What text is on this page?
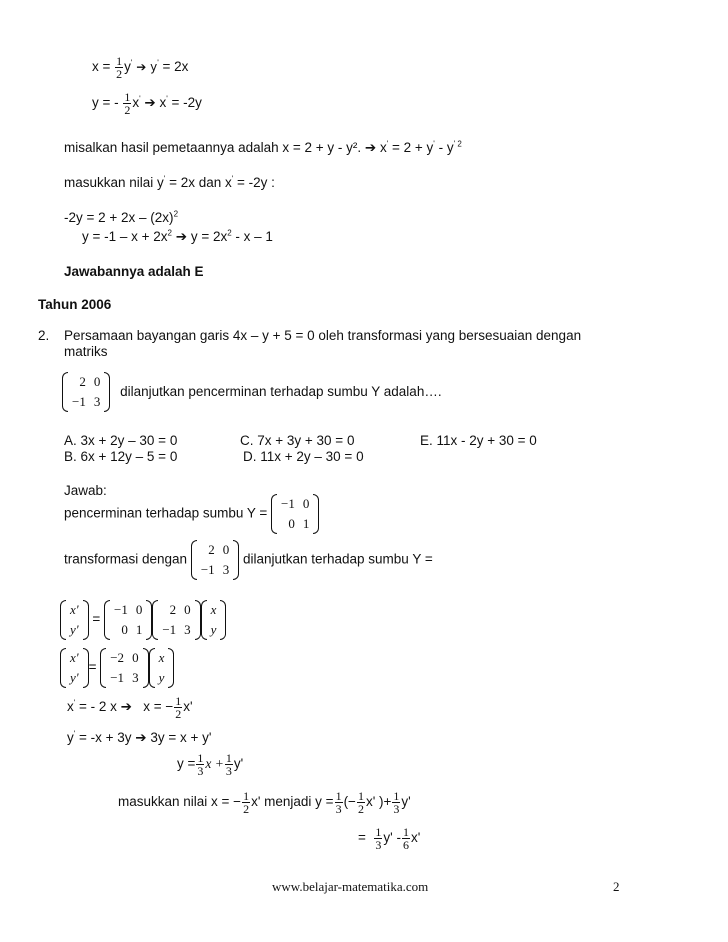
$x = \frac{1}{2} y'$ ➔ y' = 2x
y = - $\frac{1}{2} x'$ ➔ x' = -2y
misalkan hasil pemetaannya adalah x = 2 + y - y². ➔ x' = 2 + y' - y' $^2$
masukkan nilai y' = 2x dan x' = -2y :
$-2y = 2 + 2x - (2x)^2$
$y = -1 - x + 2x^2$ ➔ $y = 2x^2 - x - 1$
Jawabannya adalah E
Tahun 2006
2. Persamaan bayangan garis 4x – y + 5 = 0 oleh transformasi yang bersesuaian dengan
matriks
2	0
−1	3
dilanjutkan pencerminan terhadap sumbu Y adalah….
A. 3x + 2y – 30 = 0
B. 6x + 12y – 5 = 0
C. 7x + 3y + 30 = 0
D. 11x + 2y – 30 = 0
E. 11x - 2y + 30 = 0
Jawab:
pencerminan terhadap sumbu Y =
−1	0
0	1
transformasi dengan
2	0
−1	3
dilanjutkan terhadap sumbu Y =
x'
y'
=
−1	0
0	1
2	0
−1	3
x
y
x'
y'
=
−2	0
−1	3
x
y
x' = - 2 x ➔ x = − $\frac{1}{2} x'$
y' = -x + 3y ➔ 3y = x + y'
$y = \frac{1}{3}$ $x + \frac{1}{3} y'$
masukkan nilai x = − $\frac{1}{2} x'$ menjadi $y = \frac{1}{3}$ (− $\frac{1}{2} x'$ )+ $\frac{1}{3} y'$
= $\frac{1}{3} y' - \frac{1}{6} x'$
www.belajar-matematika.com	2
